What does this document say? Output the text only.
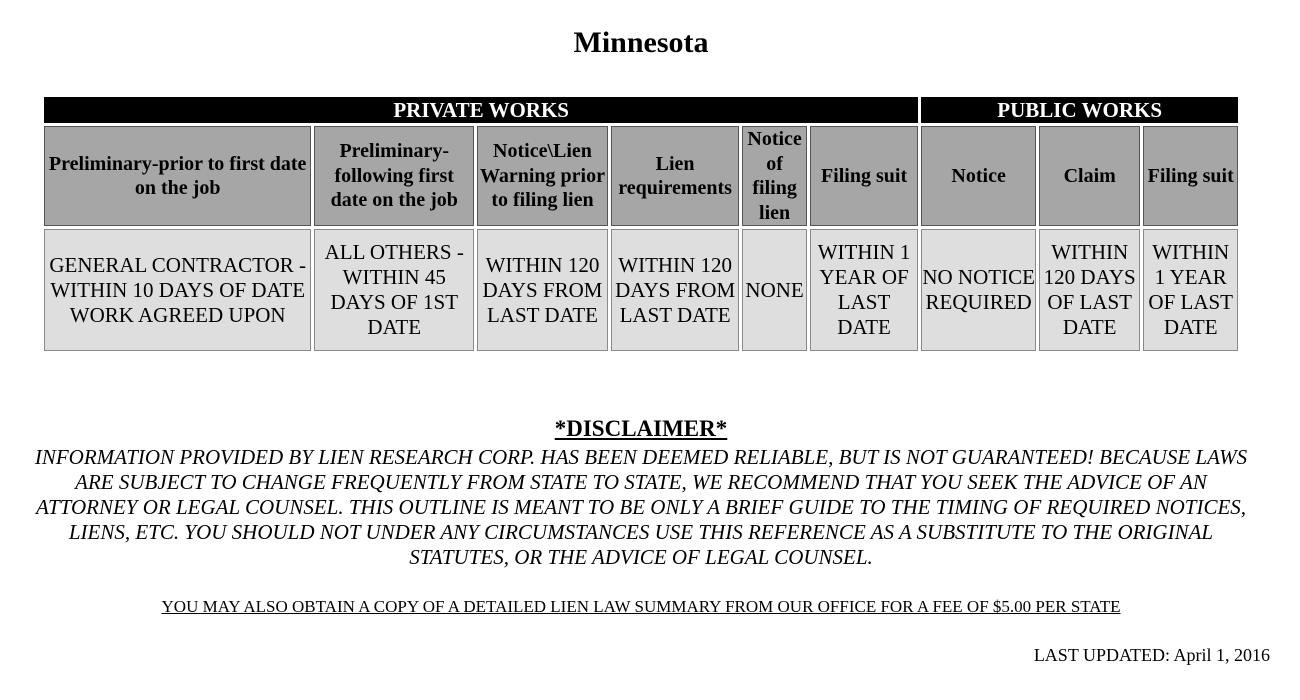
Minnesota
PRIVATE WORKS						PUBLIC WORKS		
Preliminary-prior to first date on the job	Preliminary-following first date on the job	Notice\Lien Warning prior to filing lien	Lien requirements	Notice of filing lien	Filing suit	Notice	Claim	Filing suit
GENERAL CONTRACTOR - WITHIN 10 DAYS OF DATE WORK AGREED UPON	ALL OTHERS - WITHIN 45 DAYS OF 1ST DATE	WITHIN 120 DAYS FROM LAST DATE	WITHIN 120 DAYS FROM LAST DATE	NONE	WITHIN 1 YEAR OF LAST DATE	NO NOTICE REQUIRED	WITHIN 120 DAYS OF LAST DATE	WITHIN 1 YEAR OF LAST DATE

*DISCLAIMER*

INFORMATION PROVIDED BY LIEN RESEARCH CORP. HAS BEEN DEEMED RELIABLE, BUT IS NOT GUARANTEED! BECAUSE LAWS ARE SUBJECT TO CHANGE FREQUENTLY FROM STATE TO STATE, WE RECOMMEND THAT YOU SEEK THE ADVICE OF AN ATTORNEY OR LEGAL COUNSEL. THIS OUTLINE IS MEANT TO BE ONLY A BRIEF GUIDE TO THE TIMING OF REQUIRED NOTICES, LIENS, ETC. YOU SHOULD NOT UNDER ANY CIRCUMSTANCES USE THIS REFERENCE AS A SUBSTITUTE TO THE ORIGINAL STATUTES, OR THE ADVICE OF LEGAL COUNSEL.

YOU MAY ALSO OBTAIN A COPY OF A DETAILED LIEN LAW SUMMARY FROM OUR OFFICE FOR A FEE OF $5.00 PER STATE

LAST UPDATED: April 1, 2016
